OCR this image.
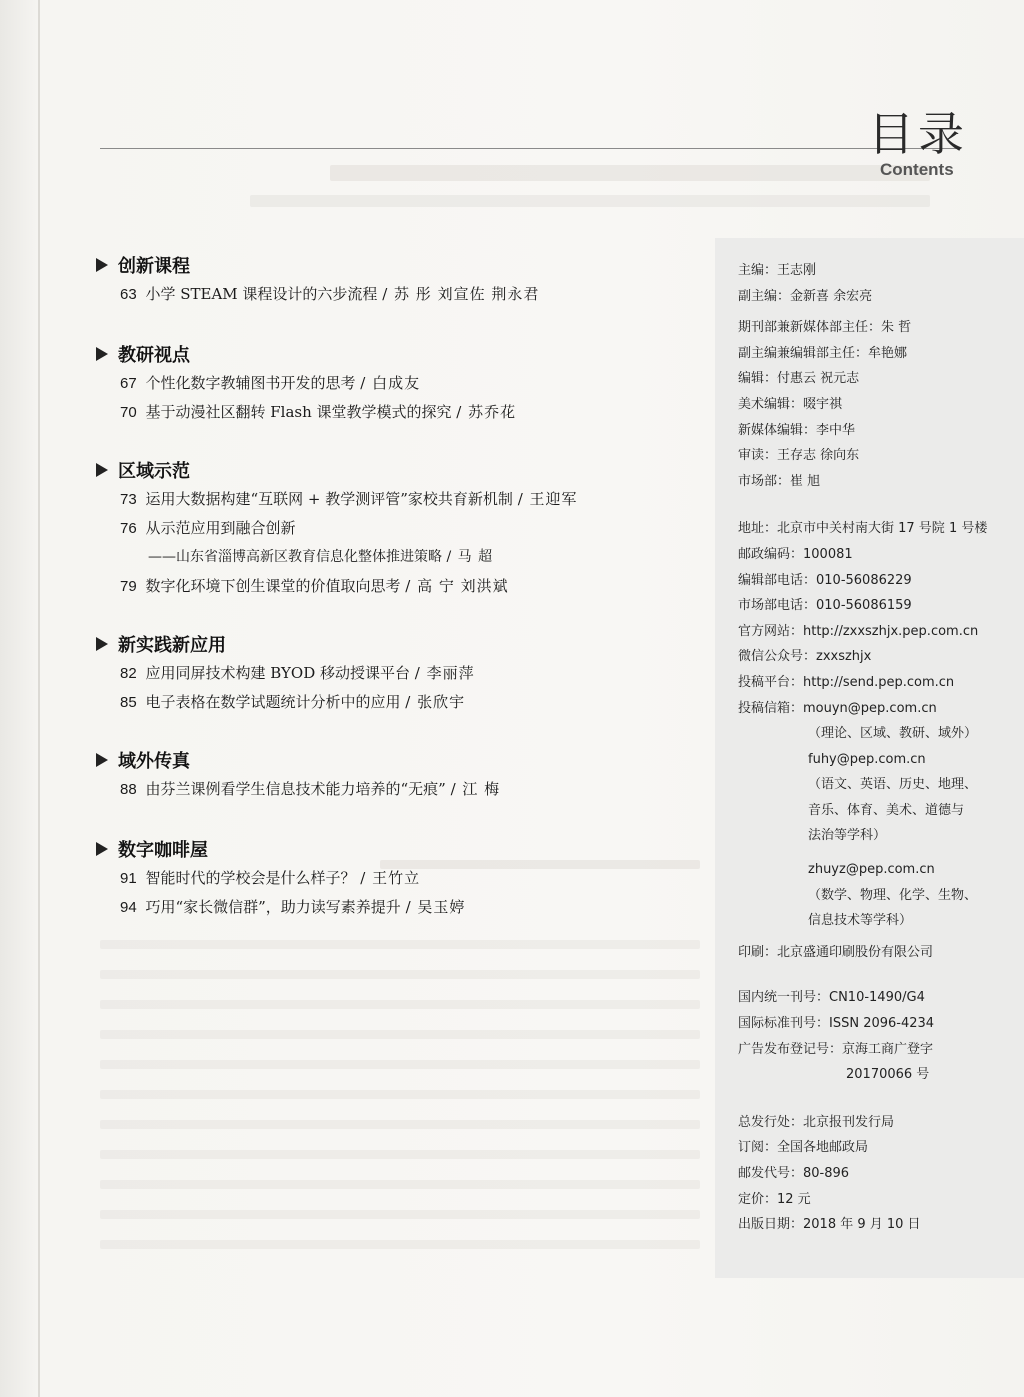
目录
Contents
创新课程
63 小学 STEAM 课程设计的六步流程 / 苏 彤 刘宣佐 荆永君
教研视点
67 个性化数字教辅图书开发的思考 / 白成友
70 基于动漫社区翻转 Flash 课堂教学模式的探究 / 苏乔花
区域示范
73 运用大数据构建“互联网 + 教学测评管”家校共育新机制 / 王迎军
76 从示范应用到融合创新
——山东省淄博高新区教育信息化整体推进策略 / 马 超
79 数字化环境下创生课堂的价值取向思考 / 高 宁 刘洪斌
新实践新应用
82 应用同屏技术构建 BYOD 移动授课平台 / 李丽萍
85 电子表格在数学试题统计分析中的应用 / 张欣宇
域外传真
88 由芬兰课例看学生信息技术能力培养的“无痕” / 江 梅
数字咖啡屋
91 智能时代的学校会是什么样子？ / 王竹立
94 巧用“家长微信群”，助力读写素养提升 / 吴玉婷
主编：王志刚
副主编：金新喜 余宏亮
期刊部兼新媒体部主任：朱 哲
副主编兼编辑部主任：牟艳娜
编辑：付惠云 祝元志
美术编辑：啜宇祺
新媒体编辑：李中华
审读：王存志 徐向东
市场部：崔 旭
地址：北京市中关村南大街 17 号院 1 号楼
邮政编码：100081
编辑部电话：010-56086229
市场部电话：010-56086159
官方网站：http://zxxszhjx.pep.com.cn
微信公众号：zxxszhjx
投稿平台：http://send.pep.com.cn
投稿信箱：mouyn@pep.com.cn
（理论、区域、教研、域外）
fuhy@pep.com.cn
（语文、英语、历史、地理、
音乐、体育、美术、道德与
法治等学科）
zhuyz@pep.com.cn
（数学、物理、化学、生物、
信息技术等学科）
印刷：北京盛通印刷股份有限公司
国内统一刊号：CN10-1490/G4
国际标准刊号：ISSN 2096-4234
广告发布登记号：京海工商广登字
20170066 号
总发行处：北京报刊发行局
订阅：全国各地邮政局
邮发代号：80-896
定价：12 元
出版日期：2018 年 9 月 10 日
